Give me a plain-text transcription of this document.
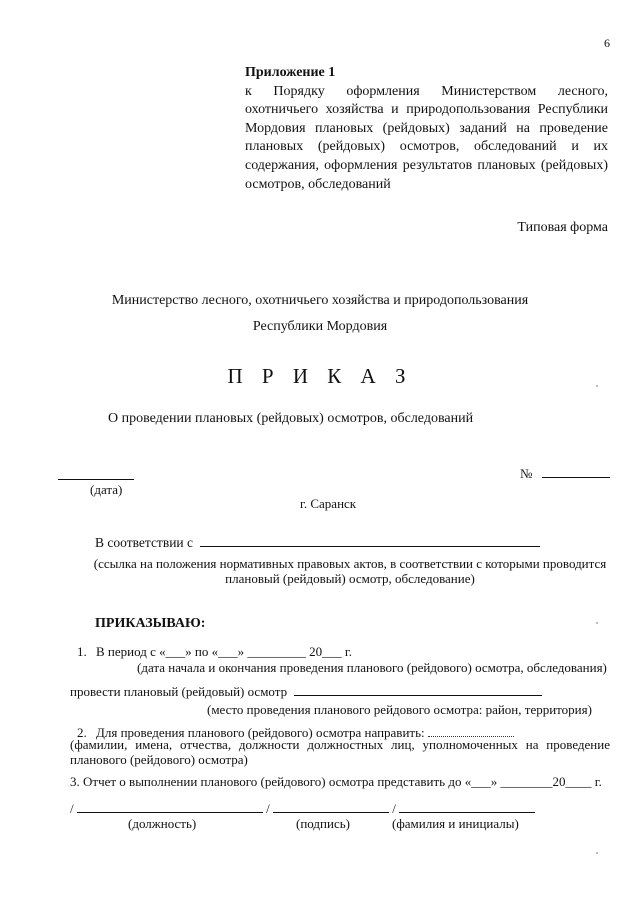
6
Приложение 1
к Порядку оформления Министерством лесного, охотничьего хозяйства и природопользования Республики Мордовия плановых (рейдовых) заданий на проведение плановых (рейдовых) осмотров, обследований и их содержания, оформления результатов плановых (рейдовых) осмотров, обследований
Типовая форма
Министерство лесного, охотничьего хозяйства и природопользования
Республики Мордовия
П Р И К А З
О проведении плановых (рейдовых) осмотров, обследований
(дата)
№
г. Саранск
В соответствии с
(ссылка на положения нормативных правовых актов, в соответствии с которыми проводится
плановый (рейдовый) осмотр, обследование)
ПРИКАЗЫВАЮ:
1. В период с «___» по «___» _________ 20___ г.
(дата начала и окончания проведения планового (рейдового) осмотра, обследования)
провести плановый (рейдовый) осмотр
(место проведения планового рейдового осмотра: район, территория)
2. Для проведения планового (рейдового) осмотра направить:
(фамилии, имена, отчества, должности должностных лиц, уполномоченных на проведение планового (рейдового) осмотра)
3. Отчет о выполнении планового (рейдового) осмотра представить до «___» ________20____ г.
/	/	/
(должность)	(подпись)	(фамилия и инициалы)
